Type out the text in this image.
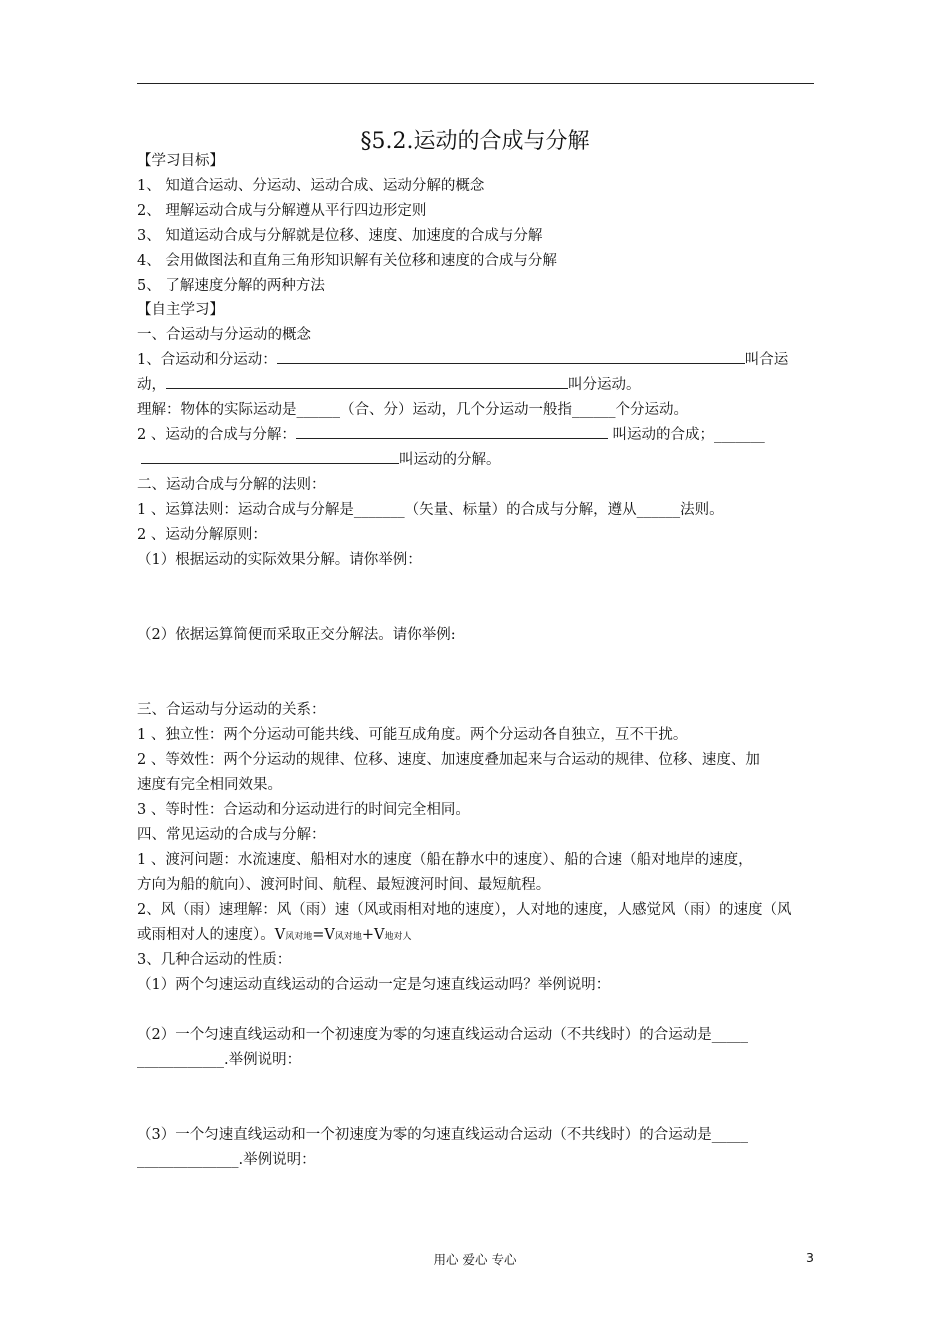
§5.2.运动的合成与分解
【学习目标】
1、 知道合运动、分运动、运动合成、运动分解的概念
2、 理解运动合成与分解遵从平行四边形定则
3、 知道运动合成与分解就是位移、速度、加速度的合成与分解
4、 会用做图法和直角三角形知识解有关位移和速度的合成与分解
5、 了解速度分解的两种方法
【自主学习】
一、合运动与分运动的概念
1、合运动和分运动：	叫合运
动，	叫分运动。
理解：物体的实际运动是______（合、分）运动，几个分运动一般指______个分运动。
2 、运动的合成与分解：	叫运动的合成；_______
叫运动的分解。
二、运动合成与分解的法则：
1 、运算法则：运动合成与分解是_______（矢量、标量）的合成与分解，遵从______法则。
2 、运动分解原则：
（1）根据运动的实际效果分解。请你举例：
（2）依据运算简便而采取正交分解法。请你举例:
三、合运动与分运动的关系：
1 、独立性：两个分运动可能共线、可能互成角度。两个分运动各自独立，互不干扰。
2 、等效性：两个分运动的规律、位移、速度、加速度叠加起来与合运动的规律、位移、速度、加
速度有完全相同效果。
3 、等时性：合运动和分运动进行的时间完全相同。
四、常见运动的合成与分解：
1 、渡河问题：水流速度、船相对水的速度（船在静水中的速度）、船的合速（船对地岸的速度，
方向为船的航向）、渡河时间、航程、最短渡河时间、最短航程。
2、风（雨）速理解：风（雨）速（风或雨相对地的速度），人对地的速度，人感觉风（雨）的速度（风
或雨相对人的速度）。V风对地=V风对地+V地对人
3、几种合运动的性质：
（1）两个匀速运动直线运动的合运动一定是匀速直线运动吗？举例说明：
（2）一个匀速直线运动和一个初速度为零的匀速直线运动合运动（不共线时）的合运动是_____
____________.举例说明：
（3）一个匀速直线运动和一个初速度为零的匀速直线运动合运动（不共线时）的合运动是_____
______________.举例说明：
用心 爱心 专心	3
